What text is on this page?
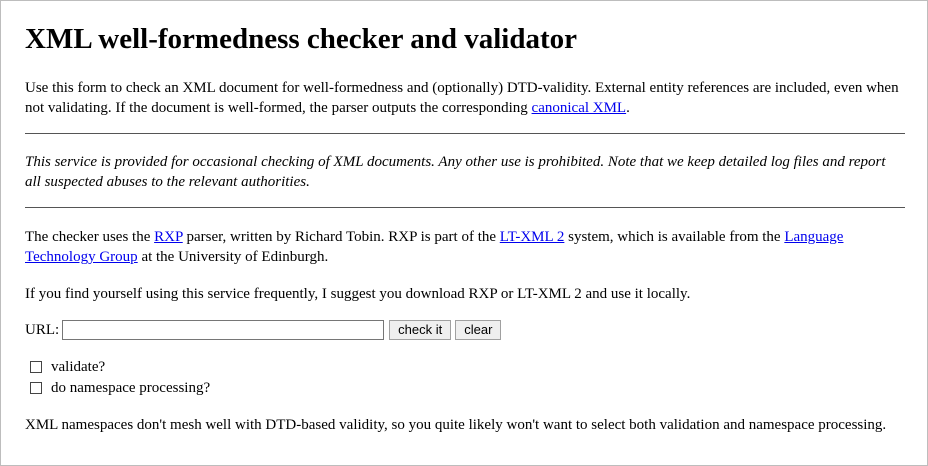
XML well-formedness checker and validator

Use this form to check an XML document for well-formedness and (optionally) DTD-validity. External entity references are included, even when not validating. If the document is well-formed, the parser outputs the corresponding canonical XML.

This service is provided for occasional checking of XML documents. Any other use is prohibited. Note that we keep detailed log files and report all suspected abuses to the relevant authorities.

The checker uses the RXP parser, written by Richard Tobin. RXP is part of the LT-XML 2 system, which is available from the Language Technology Group at the University of Edinburgh.

If you find yourself using this service frequently, I suggest you download RXP or LT-XML 2 and use it locally.

URL:	check it	clear
validate?
do namespace processing?

XML namespaces don't mesh well with DTD-based validity, so you quite likely won't want to select both validation and namespace processing.
